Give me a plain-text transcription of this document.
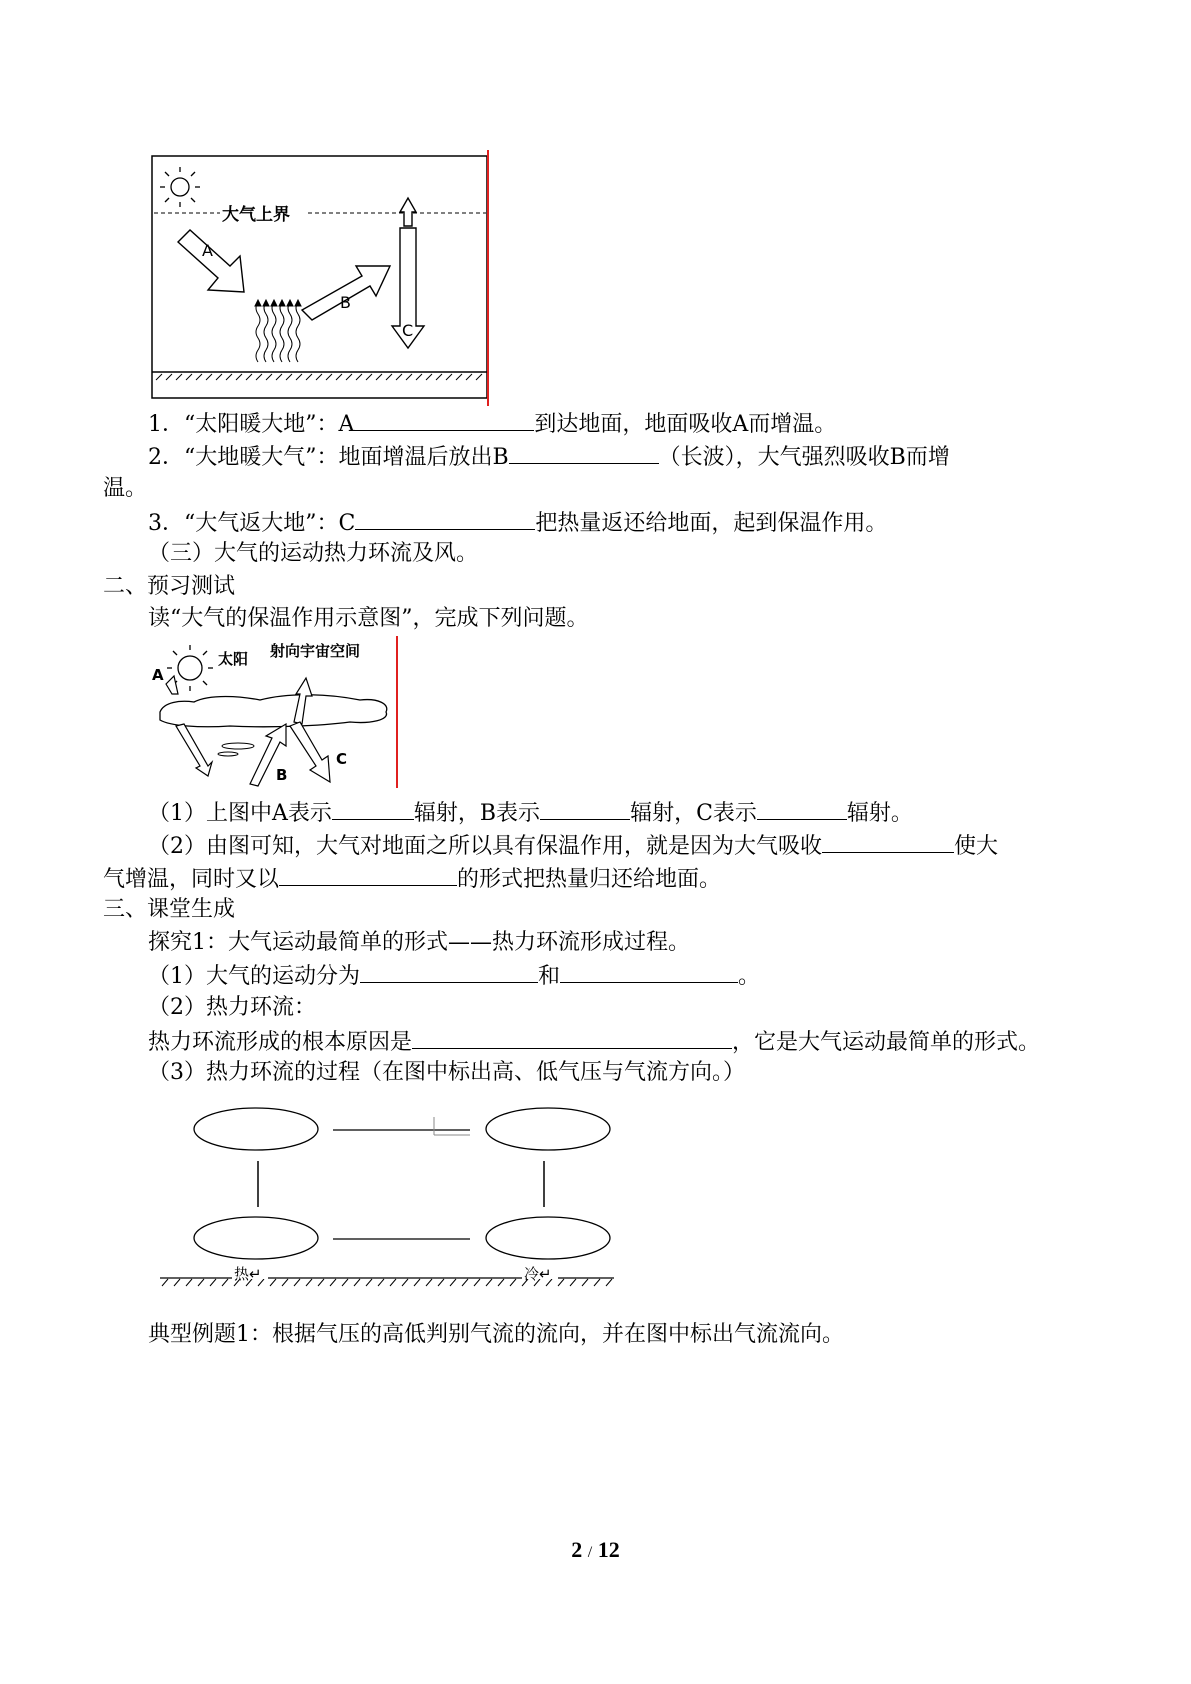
大气上界
A
B
C
1．“太阳暖大地”：A	到达地面，地面吸收A而增温。
2．“大地暖大气”：地面增温后放出B	（长波），大气强烈吸收B而增
温。
3．“大气返大地”：C	把热量返还给地面，起到保温作用。
（三）大气的运动热力环流及风。
二、预习测试
读“大气的保温作用示意图”，完成下列问题。
太阳 射向宇宙空间
A
B
C
（1）上图中A表示	辐射，B表示	辐射，C表示	辐射。
（2）由图可知，大气对地面之所以具有保温作用，就是因为大气吸收	使大
气增温，同时又以	的形式把热量归还给地面。
三、课堂生成
探究1：大气运动最简单的形式——热力环流形成过程。
（1）大气的运动分为	和	。
（2）热力环流：
热力环流形成的根本原因是	，它是大气运动最简单的形式。
（3）热力环流的过程（在图中标出高、低气压与气流方向。）
热↵	冷↵
典型例题1：根据气压的高低判别气流的流向，并在图中标出气流流向。
2 / 12
